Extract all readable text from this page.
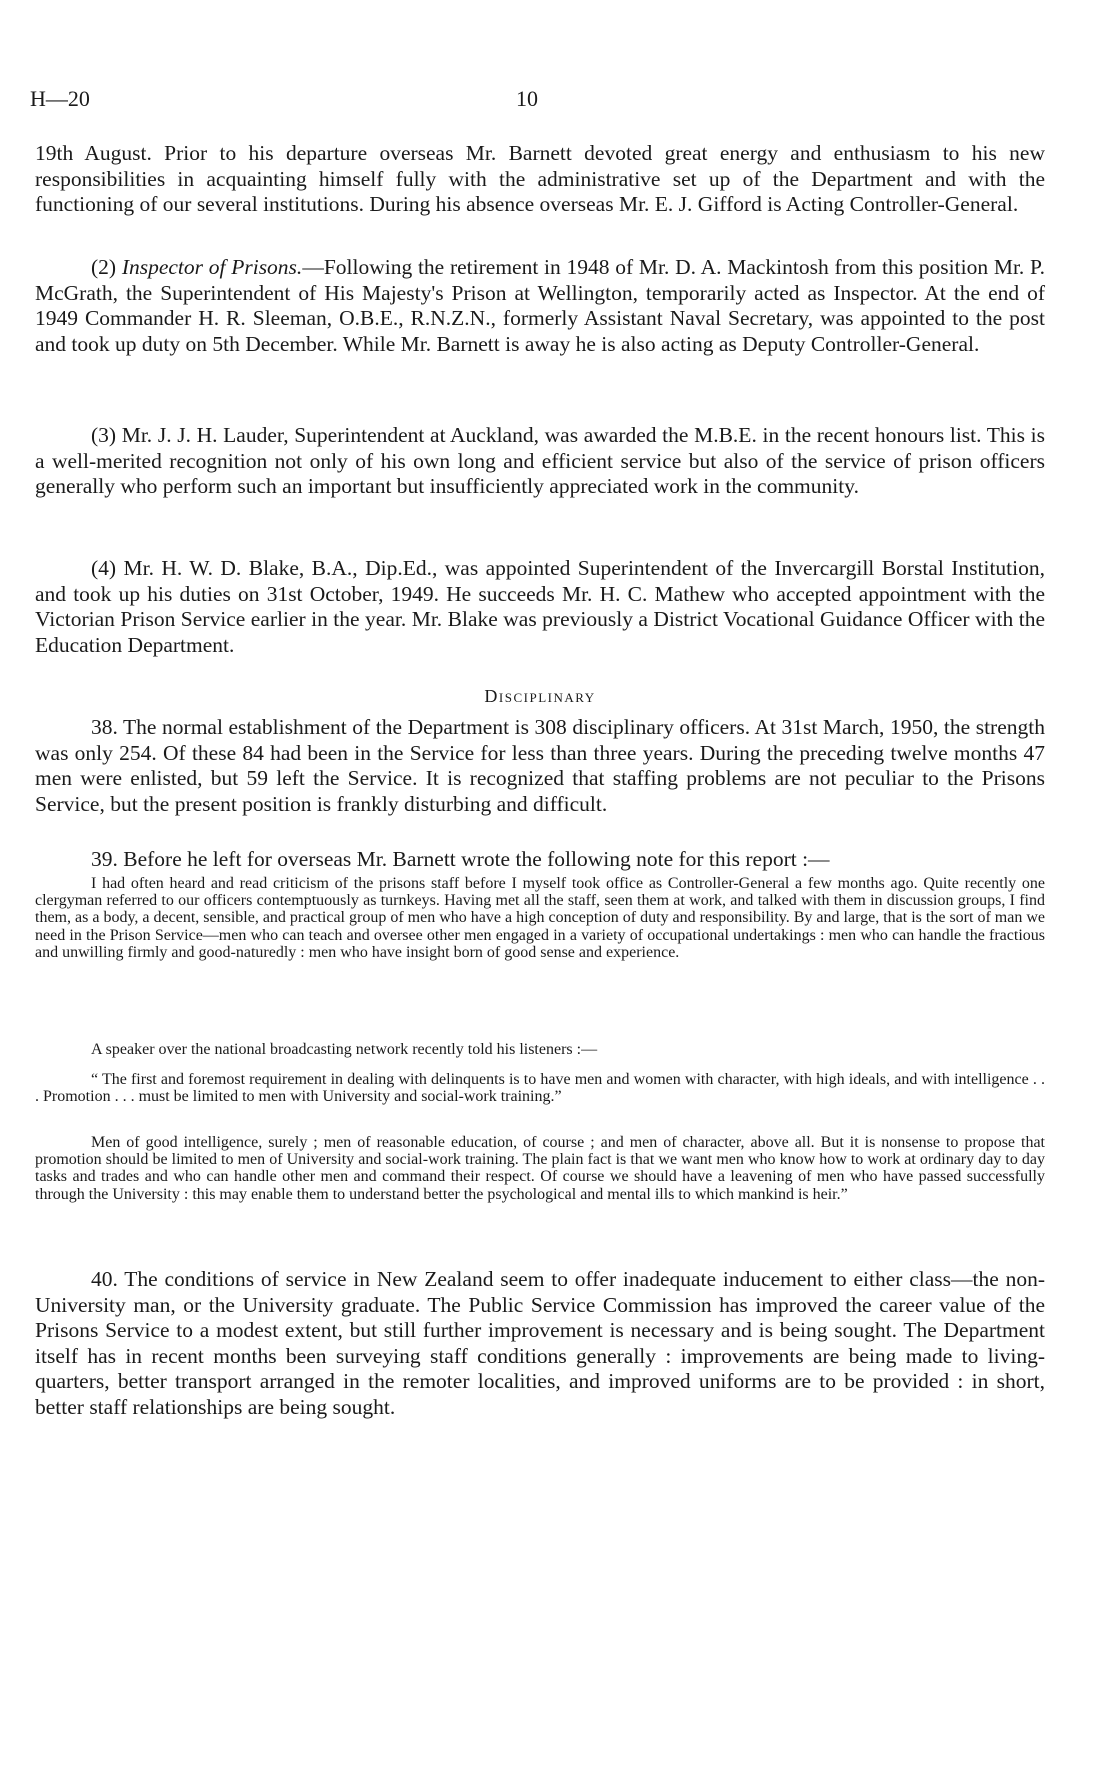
H—20	10

19th August. Prior to his departure overseas Mr. Barnett devoted great energy and enthusiasm to his new responsibilities in acquainting himself fully with the administrative set up of the Department and with the functioning of our several institutions. During his absence overseas Mr. E. J. Gifford is Acting Controller-General.

(2) Inspector of Prisons.—Following the retirement in 1948 of Mr. D. A. Mackintosh from this position Mr. P. McGrath, the Superintendent of His Majesty's Prison at Wellington, temporarily acted as Inspector. At the end of 1949 Commander H. R. Sleeman, O.B.E., R.N.Z.N., formerly Assistant Naval Secretary, was appointed to the post and took up duty on 5th December. While Mr. Barnett is away he is also acting as Deputy Controller-General.

(3) Mr. J. J. H. Lauder, Superintendent at Auckland, was awarded the M.B.E. in the recent honours list. This is a well-merited recognition not only of his own long and efficient service but also of the service of prison officers generally who perform such an important but insufficiently appreciated work in the community.

(4) Mr. H. W. D. Blake, B.A., Dip.Ed., was appointed Superintendent of the Invercargill Borstal Institution, and took up his duties on 31st October, 1949. He succeeds Mr. H. C. Mathew who accepted appointment with the Victorian Prison Service earlier in the year. Mr. Blake was previously a District Vocational Guidance Officer with the Education Department.

Disciplinary

38. The normal establishment of the Department is 308 disciplinary officers. At 31st March, 1950, the strength was only 254. Of these 84 had been in the Service for less than three years. During the preceding twelve months 47 men were enlisted, but 59 left the Service. It is recognized that staffing problems are not peculiar to the Prisons Service, but the present position is frankly disturbing and difficult.

39. Before he left for overseas Mr. Barnett wrote the following note for this report :—

I had often heard and read criticism of the prisons staff before I myself took office as Controller-General a few months ago. Quite recently one clergyman referred to our officers contemptuously as turnkeys. Having met all the staff, seen them at work, and talked with them in discussion groups, I find them, as a body, a decent, sensible, and practical group of men who have a high conception of duty and responsibility. By and large, that is the sort of man we need in the Prison Service—men who can teach and oversee other men engaged in a variety of occupational undertakings : men who can handle the fractious and unwilling firmly and good-naturedly : men who have insight born of good sense and experience.

A speaker over the national broadcasting network recently told his listeners :—

“ The first and foremost requirement in dealing with delinquents is to have men and women with character, with high ideals, and with intelligence . . . Promotion . . . must be limited to men with University and social-work training.”

Men of good intelligence, surely ; men of reasonable education, of course ; and men of character, above all. But it is nonsense to propose that promotion should be limited to men of University and social-work training. The plain fact is that we want men who know how to work at ordinary day to day tasks and trades and who can handle other men and command their respect. Of course we should have a leavening of men who have passed successfully through the University : this may enable them to understand better the psychological and mental ills to which mankind is heir.”

40. The conditions of service in New Zealand seem to offer inadequate inducement to either class—the non-University man, or the University graduate. The Public Service Commission has improved the career value of the Prisons Service to a modest extent, but still further improvement is necessary and is being sought. The Department itself has in recent months been surveying staff conditions generally : improvements are being made to living-quarters, better transport arranged in the remoter localities, and improved uniforms are to be provided : in short, better staff relationships are being sought.
